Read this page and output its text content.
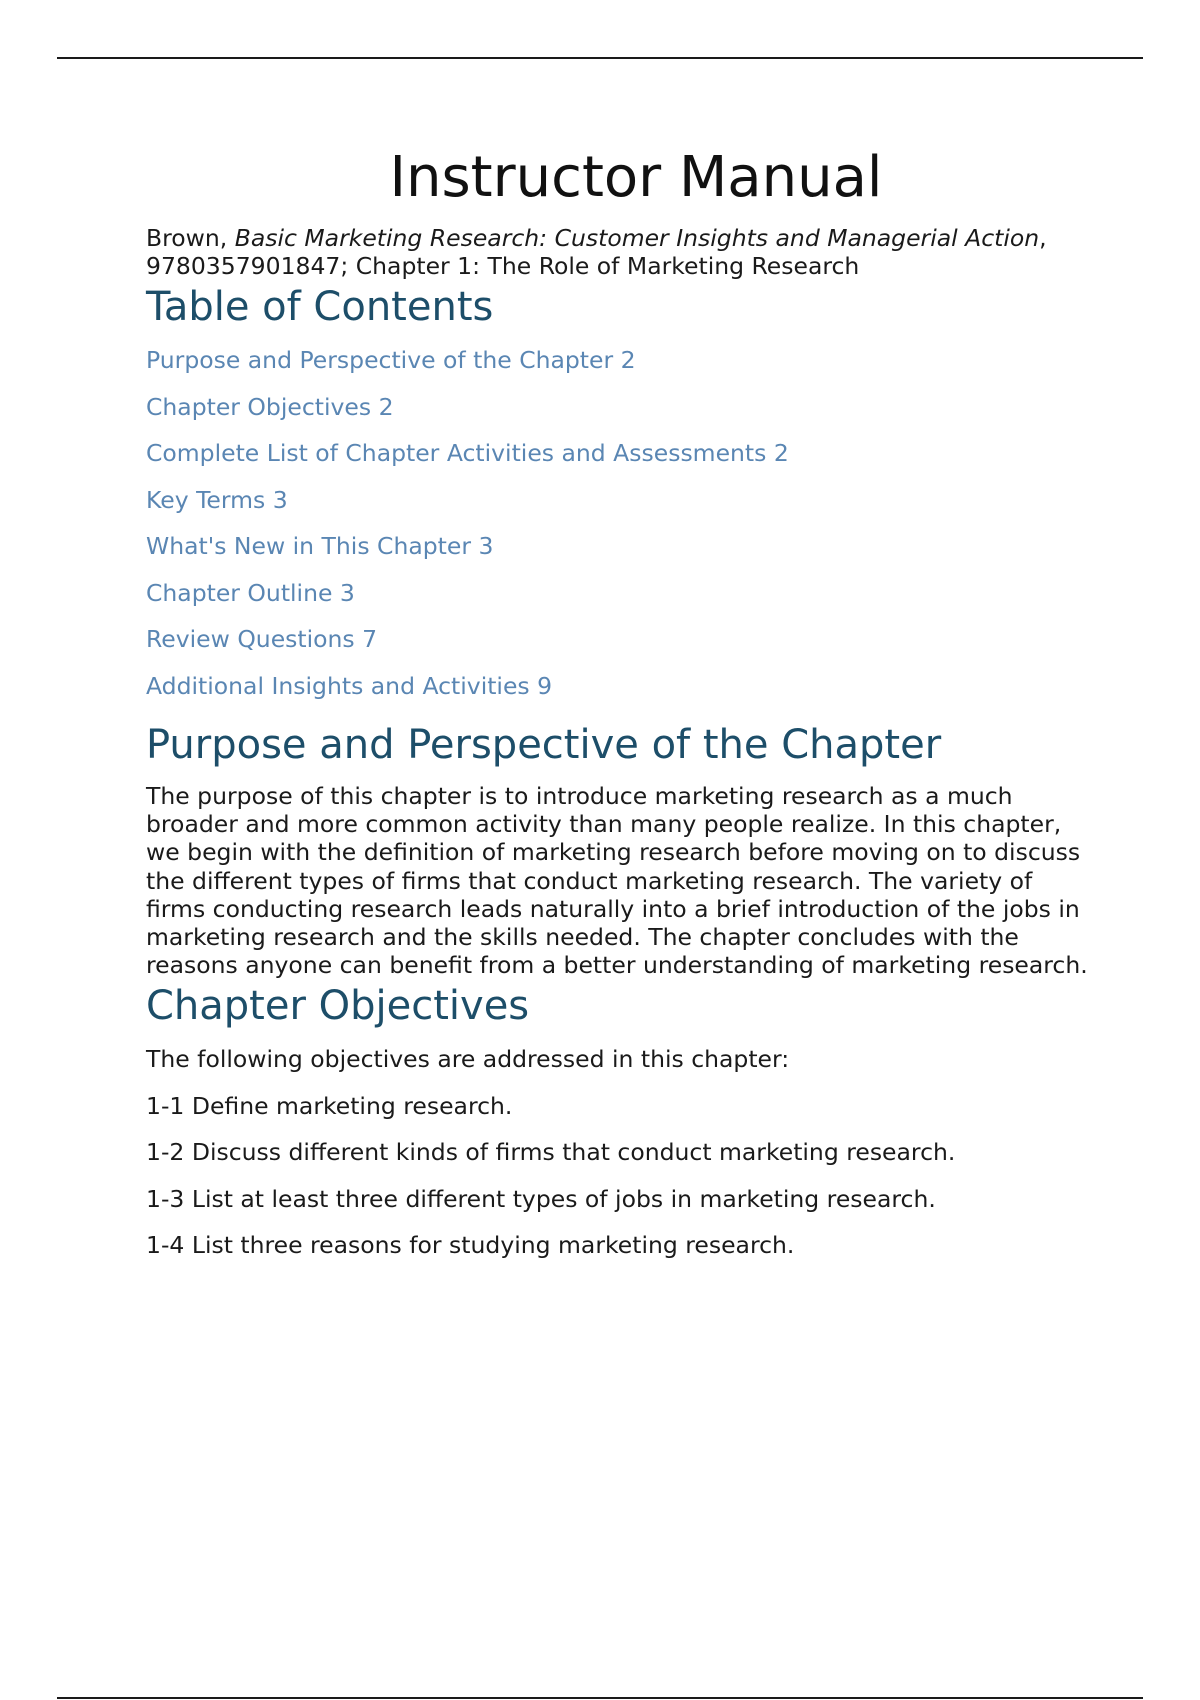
Instructor Manual

Brown, Basic Marketing Research: Customer Insights and Managerial Action, 9780357901847; Chapter 1: The Role of Marketing Research

Table of Contents
Purpose and Perspective of the Chapter 2
Chapter Objectives 2
Complete List of Chapter Activities and Assessments 2
Key Terms 3
What's New in This Chapter 3
Chapter Outline 3
Review Questions 7
Additional Insights and Activities 9
Purpose and Perspective of the Chapter

The purpose of this chapter is to introduce marketing research as a much broader and more common activity than many people realize. In this chapter, we begin with the definition of marketing research before moving on to discuss the different types of firms that conduct marketing research. The variety of firms conducting research leads naturally into a brief introduction of the jobs in marketing research and the skills needed. The chapter concludes with the reasons anyone can benefit from a better understanding of marketing research.

Chapter Objectives

The following objectives are addressed in this chapter:

1-1 Define marketing research.
1-2 Discuss different kinds of firms that conduct marketing research.
1-3 List at least three different types of jobs in marketing research.
1-4 List three reasons for studying marketing research.
